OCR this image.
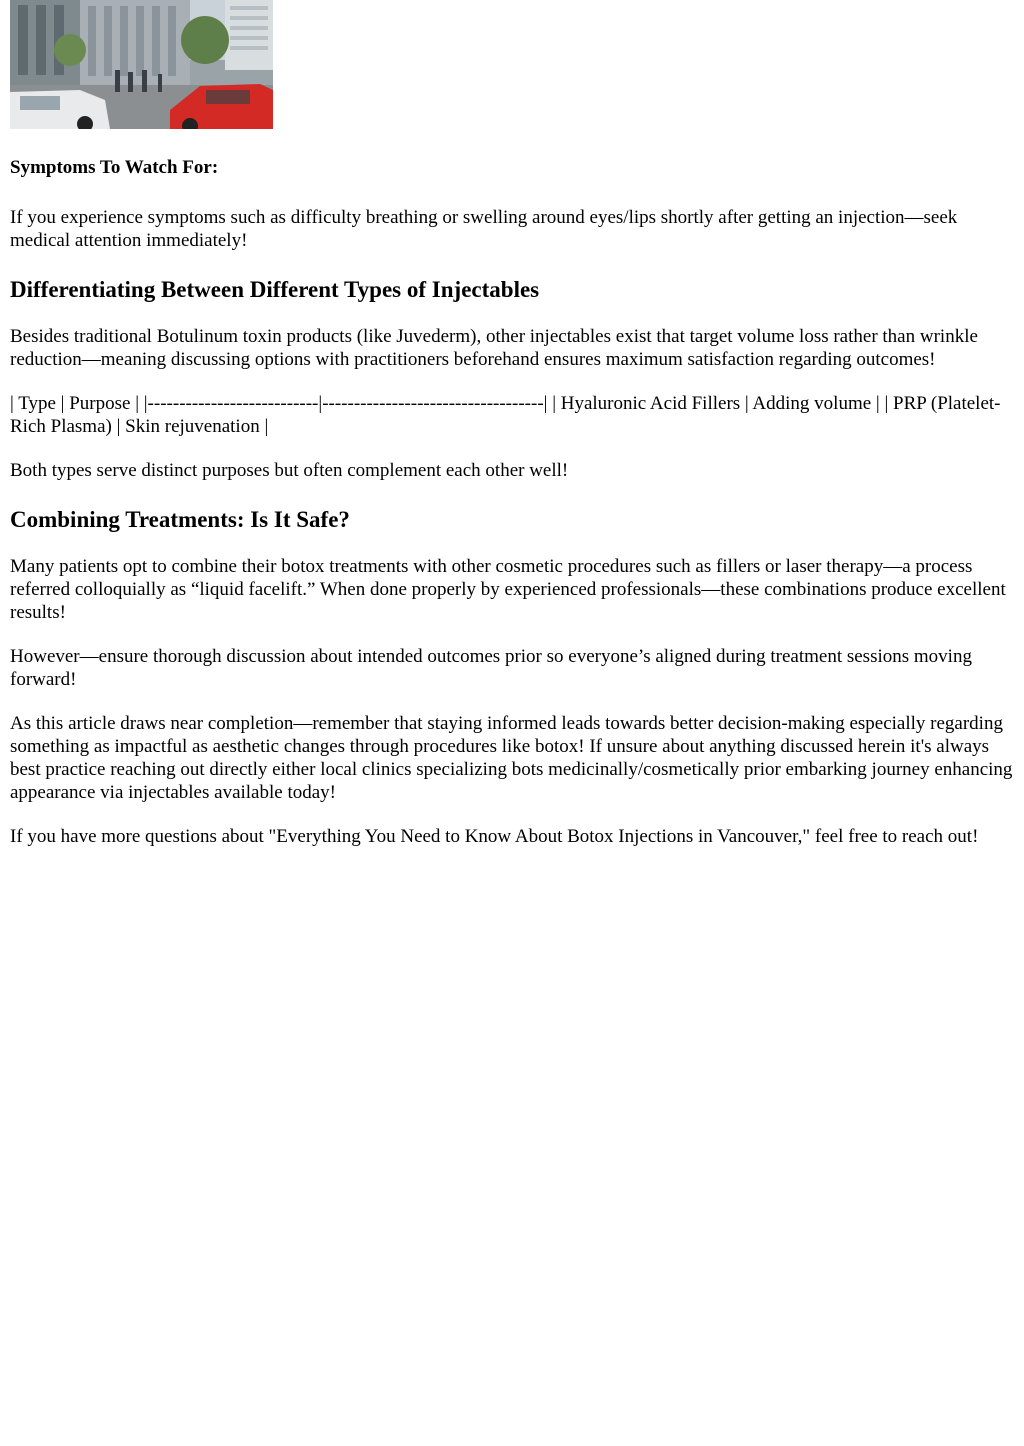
Symptoms To Watch For:

If you experience symptoms such as difficulty breathing or swelling around eyes/lips shortly after getting an injection—seek medical attention immediately!

Differentiating Between Different Types of Injectables

Besides traditional Botulinum toxin products (like Juvederm), other injectables exist that target volume loss rather than wrinkle reduction—meaning discussing options with practitioners beforehand ensures maximum satisfaction regarding outcomes!

| Type | Purpose | |---------------------------|-----------------------------------| | Hyaluronic Acid Fillers | Adding volume | | PRP (Platelet-Rich Plasma) | Skin rejuvenation |

Both types serve distinct purposes but often complement each other well!

Combining Treatments: Is It Safe?

Many patients opt to combine their botox treatments with other cosmetic procedures such as fillers or laser therapy—a process referred colloquially as “liquid facelift.” When done properly by experienced professionals—these combinations produce excellent results!

However—ensure thorough discussion about intended outcomes prior so everyone’s aligned during treatment sessions moving forward!

As this article draws near completion—remember that staying informed leads towards better decision-making especially regarding something as impactful as aesthetic changes through procedures like botox! If unsure about anything discussed herein it's always best practice reaching out directly either local clinics specializing bots medicinally/cosmetically prior embarking journey enhancing appearance via injectables available today!

If you have more questions about "Everything You Need to Know About Botox Injections in Vancouver," feel free to reach out!
